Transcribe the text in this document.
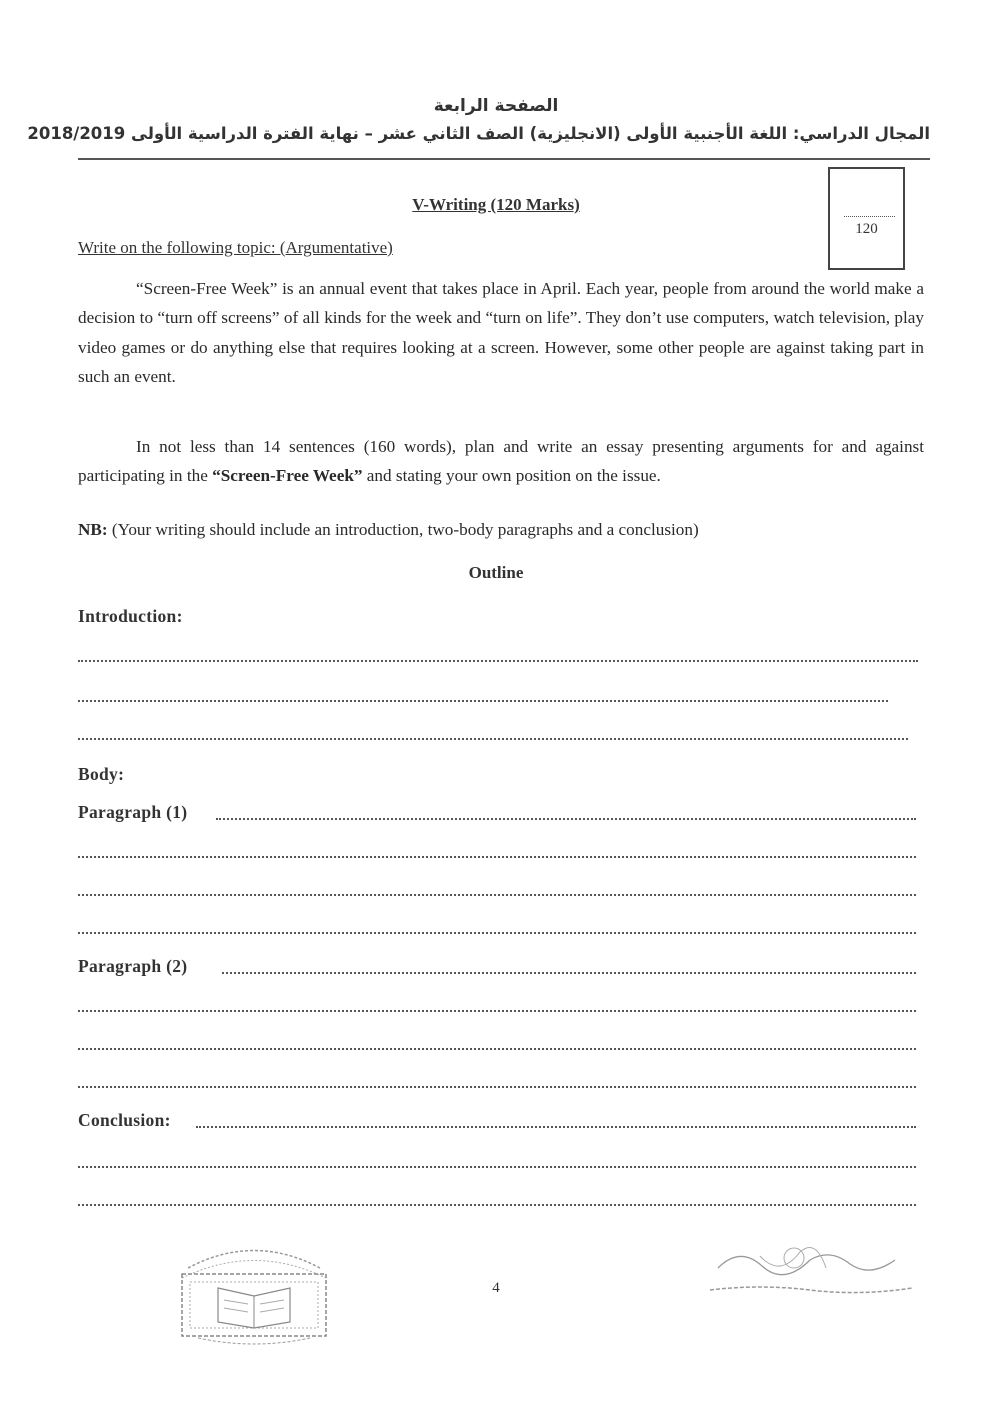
الصفحة الرابعة
المجال الدراسي: اللغة الأجنبية الأولى (الانجليزية) الصف الثاني عشر – نهاية الفترة الدراسية الأولى 2018/2019
120
V-Writing (120 Marks)
Write on the following topic: (Argumentative)
“Screen-Free Week” is an annual event that takes place in April. Each year, people from around the world make a decision to “turn off screens” of all kinds for the week and “turn on life”. They don’t use computers, watch television, play video games or do anything else that requires looking at a screen. However, some other people are against taking part in such an event.
In not less than 14 sentences (160 words), plan and write an essay presenting arguments for and against participating in the “Screen-Free Week” and stating your own position on the issue.
NB: (Your writing should include an introduction, two-body paragraphs and a conclusion)
Outline
Introduction:
Body:
Paragraph (1)
Paragraph (2)
Conclusion:
4
